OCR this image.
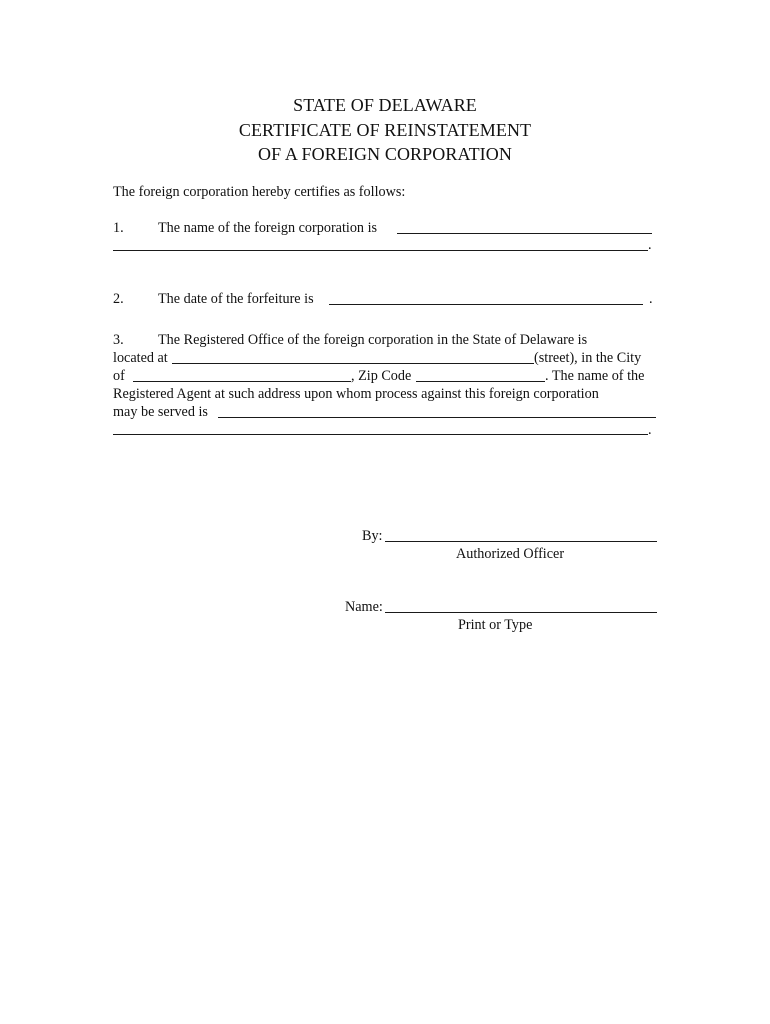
STATE OF DELAWARE
CERTIFICATE OF REINSTATEMENT
OF A FOREIGN CORPORATION
The foreign corporation hereby certifies as follows:
1. The name of the foreign corporation is
.
2. The date of the forfeiture is	.
3. The Registered Office of the foreign corporation in the State of Delaware is
located at	(street), in the City
of	, Zip Code	. The name of the
Registered Agent at such address upon whom process against this foreign corporation
may be served is
.
By:
Authorized Officer
Name:
Print or Type
